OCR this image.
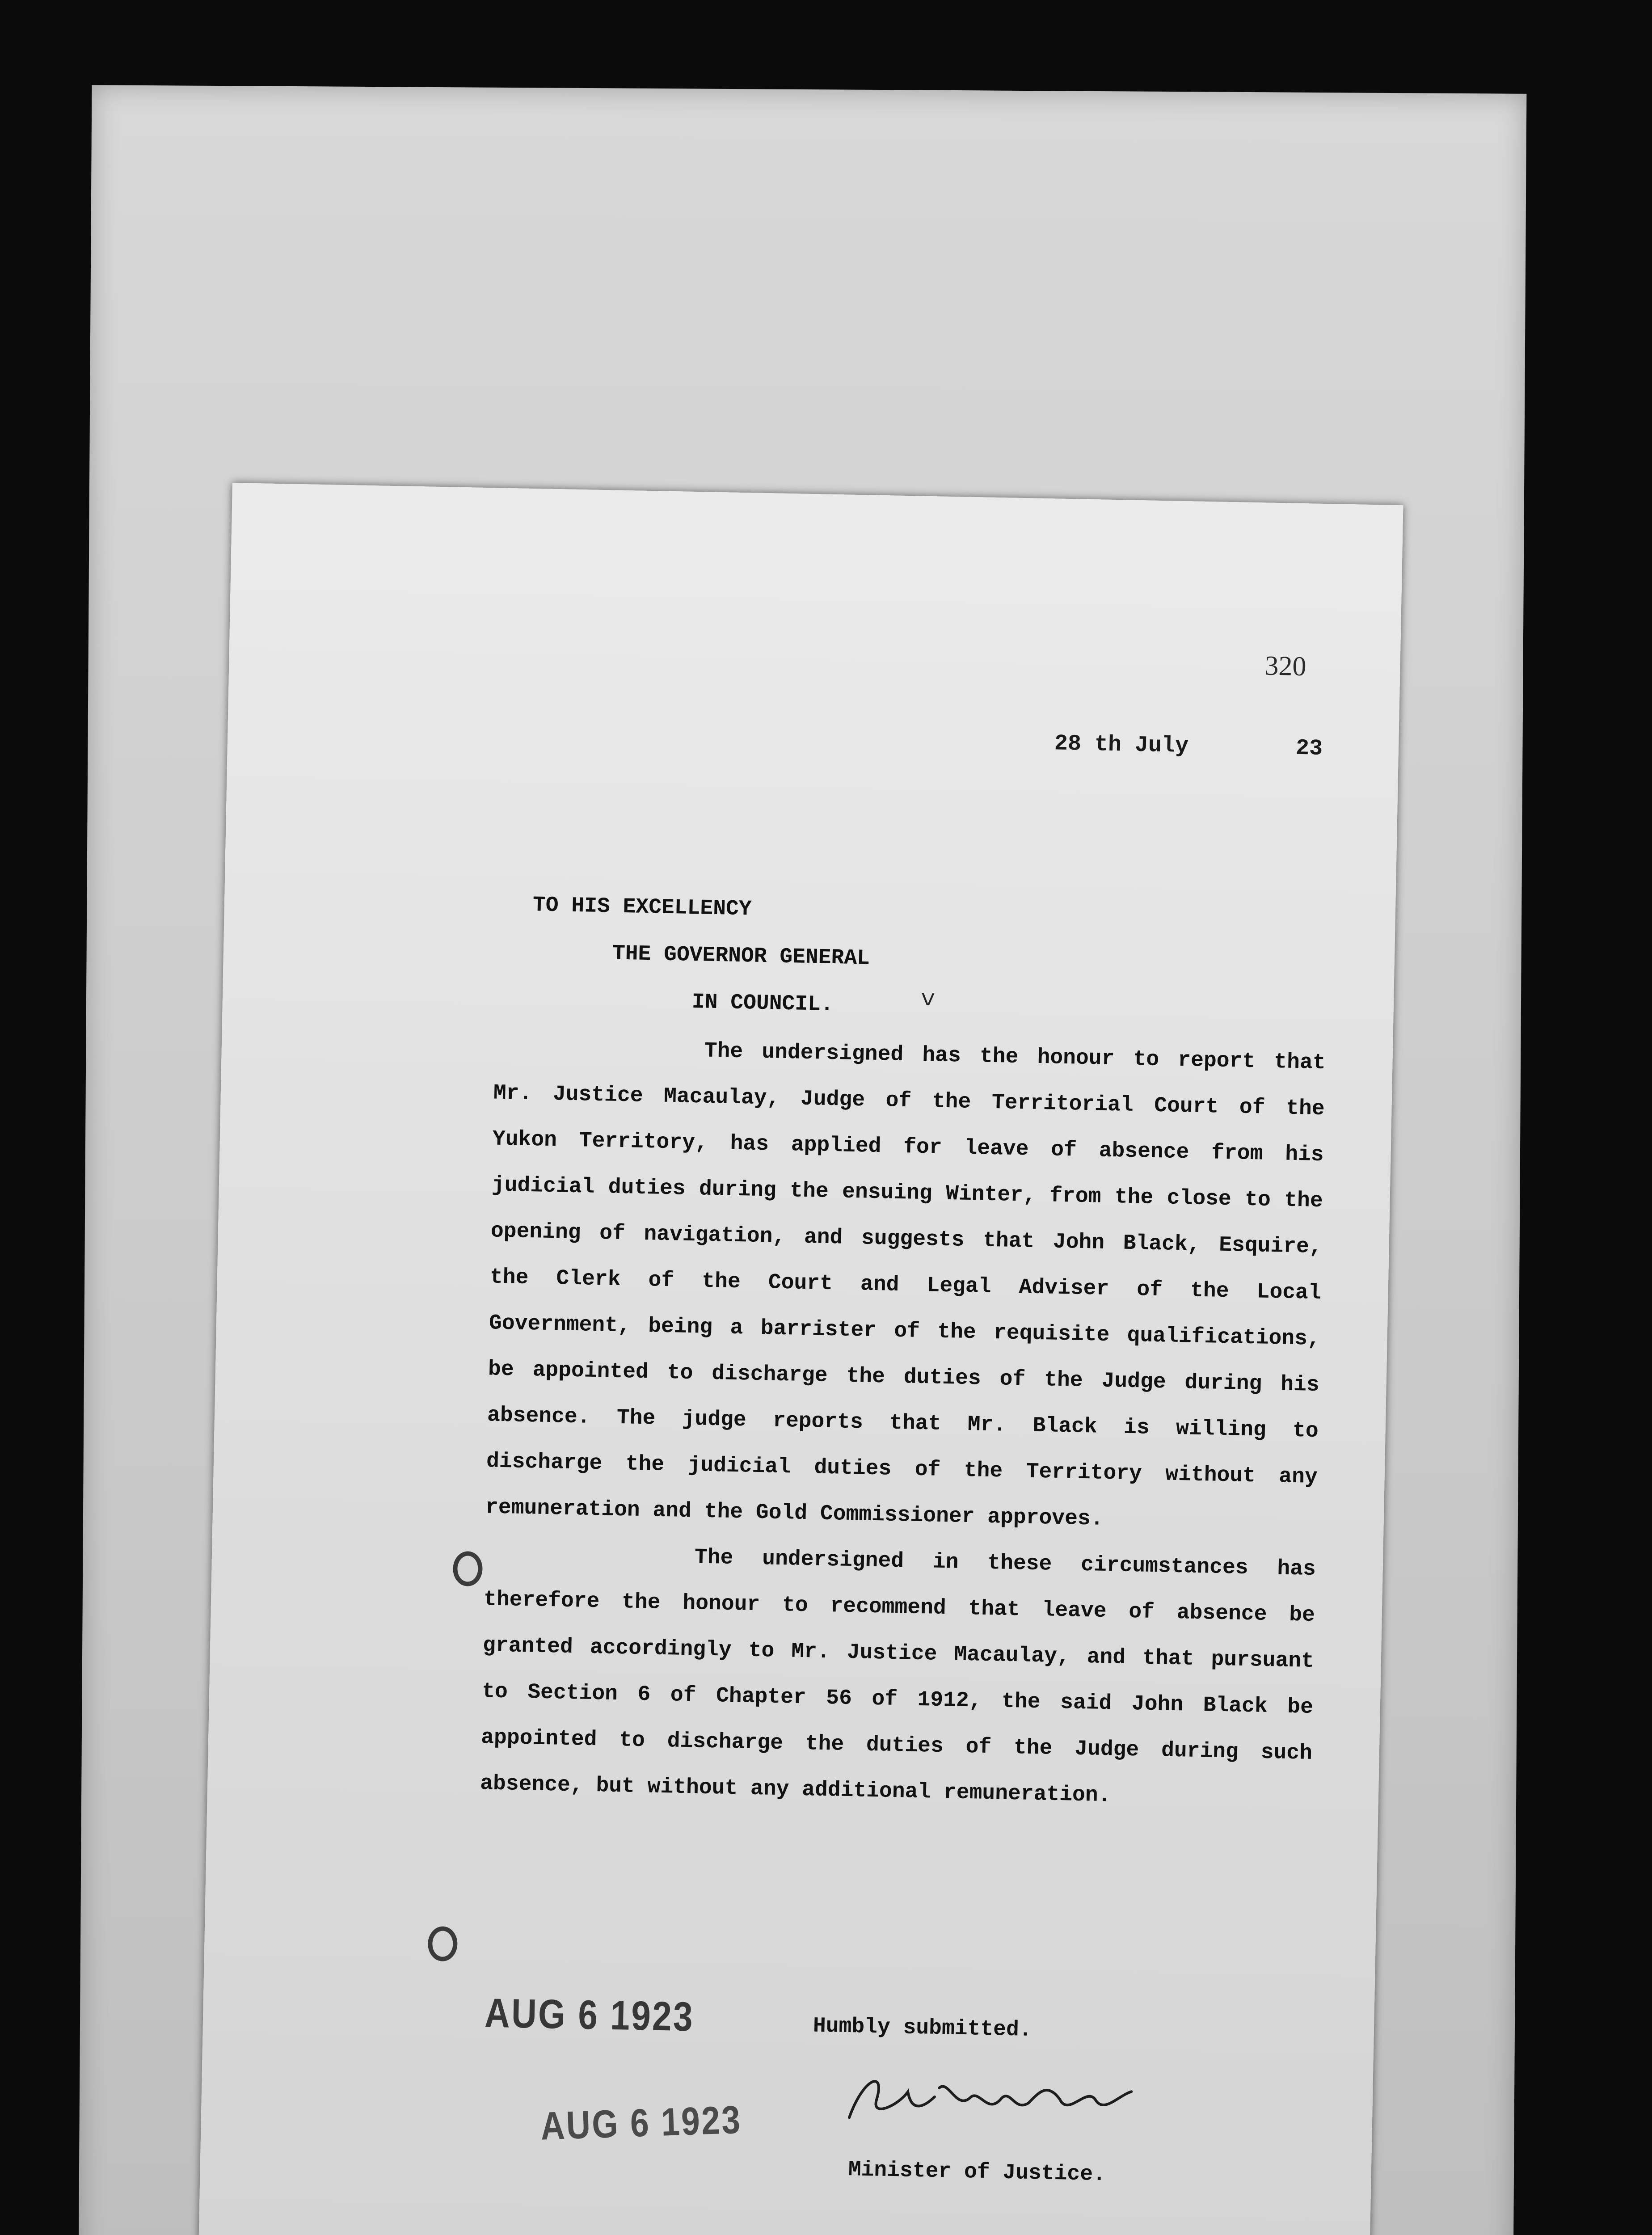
^
320
28 th July	23
TO HIS EXCELLENCY
THE GOVERNOR GENERAL
IN COUNCIL.

The undersigned has the honour to report that Mr. Justice Macaulay, Judge of the Territorial Court of the Yukon Territory, has applied for leave of absence from his judicial duties during the ensuing Winter, from the close to the opening of navigation, and suggests that John Black, Esquire, the Clerk of the Court and Legal Adviser of the Local Government, being a barrister of the requisite qualifications, be appointed to discharge the duties of the Judge during his absence. The judge reports that Mr. Black is willing to discharge the judicial duties of the Territory without any remuneration and the Gold Commissioner approves.

The undersigned in these circumstances has therefore the honour to recommend that leave of absence be granted accordingly to Mr. Justice Macaulay, and that pursuant to Section 6 of Chapter 56 of 1912, the said John Black be appointed to discharge the duties of the Judge during such absence, but without any additional remuneration.

AUG 6 1923
AUG 6 1923
Humbly submitted.
Minister of Justice.
